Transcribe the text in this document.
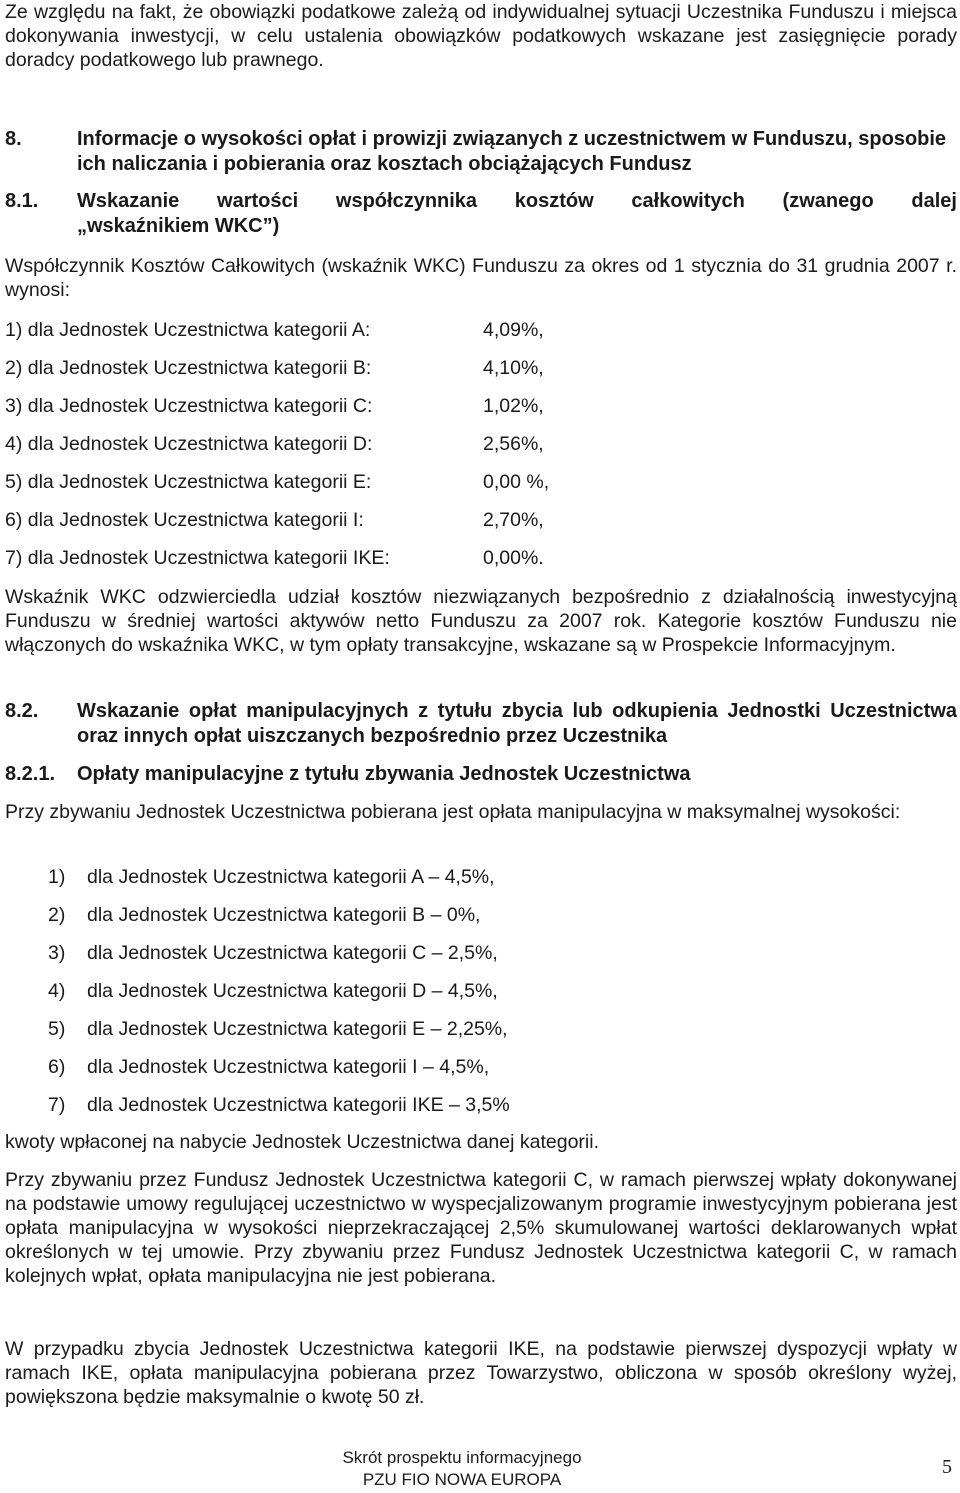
Ze względu na fakt, że obowiązki podatkowe zależą od indywidualnej sytuacji Uczestnika Funduszu i miejsca dokonywania inwestycji, w celu ustalenia obowiązków podatkowych wskazane jest zasięgnięcie porady doradcy podatkowego lub prawnego.
8.	Informacje o wysokości opłat i prowizji związanych z uczestnictwem w Funduszu, sposobie ich naliczania i pobierania oraz kosztach obciążających Fundusz
8.1. Wskazanie wartości współczynnika kosztów całkowitych (zwanego dalej
„wskaźnikiem WKC”)
Współczynnik Kosztów Całkowitych (wskaźnik WKC) Funduszu za okres od 1 stycznia do 31 grudnia 2007 r. wynosi:
1) dla Jednostek Uczestnictwa kategorii A:	4,09%,
2) dla Jednostek Uczestnictwa kategorii B:	4,10%,
3) dla Jednostek Uczestnictwa kategorii C:	1,02%,
4) dla Jednostek Uczestnictwa kategorii D:	2,56%,
5) dla Jednostek Uczestnictwa kategorii E:	0,00 %,
6) dla Jednostek Uczestnictwa kategorii I:	2,70%,
7) dla Jednostek Uczestnictwa kategorii IKE:	0,00%.
Wskaźnik WKC odzwierciedla udział kosztów niezwiązanych bezpośrednio z działalnością inwestycyjną Funduszu w średniej wartości aktywów netto Funduszu za 2007 rok. Kategorie kosztów Funduszu nie włączonych do wskaźnika WKC, w tym opłaty transakcyjne, wskazane są w Prospekcie Informacyjnym.
8.2. Wskazanie opłat manipulacyjnych z tytułu zbycia lub odkupienia Jednostki Uczestnictwa oraz innych opłat uiszczanych bezpośrednio przez Uczestnika
8.2.1. Opłaty manipulacyjne z tytułu zbywania Jednostek Uczestnictwa
Przy zbywaniu Jednostek Uczestnictwa pobierana jest opłata manipulacyjna w maksymalnej wysokości:
1) dla Jednostek Uczestnictwa kategorii A – 4,5%,
2) dla Jednostek Uczestnictwa kategorii B – 0%,
3) dla Jednostek Uczestnictwa kategorii C – 2,5%,
4) dla Jednostek Uczestnictwa kategorii D – 4,5%,
5) dla Jednostek Uczestnictwa kategorii E – 2,25%,
6) dla Jednostek Uczestnictwa kategorii I – 4,5%,
7) dla Jednostek Uczestnictwa kategorii IKE – 3,5%
kwoty wpłaconej na nabycie Jednostek Uczestnictwa danej kategorii.
Przy zbywaniu przez Fundusz Jednostek Uczestnictwa kategorii C, w ramach pierwszej wpłaty dokonywanej na podstawie umowy regulującej uczestnictwo w wyspecjalizowanym programie inwestycyjnym pobierana jest opłata manipulacyjna w wysokości nieprzekraczającej 2,5% skumulowanej wartości deklarowanych wpłat określonych w tej umowie. Przy zbywaniu przez Fundusz Jednostek Uczestnictwa kategorii C, w ramach kolejnych wpłat, opłata manipulacyjna nie jest pobierana.
W przypadku zbycia Jednostek Uczestnictwa kategorii IKE, na podstawie pierwszej dyspozycji wpłaty w ramach IKE, opłata manipulacyjna pobierana przez Towarzystwo, obliczona w sposób określony wyżej, powiększona będzie maksymalnie o kwotę 50 zł.
Skrót prospektu informacyjnego
PZU FIO NOWA EUROPA
5
